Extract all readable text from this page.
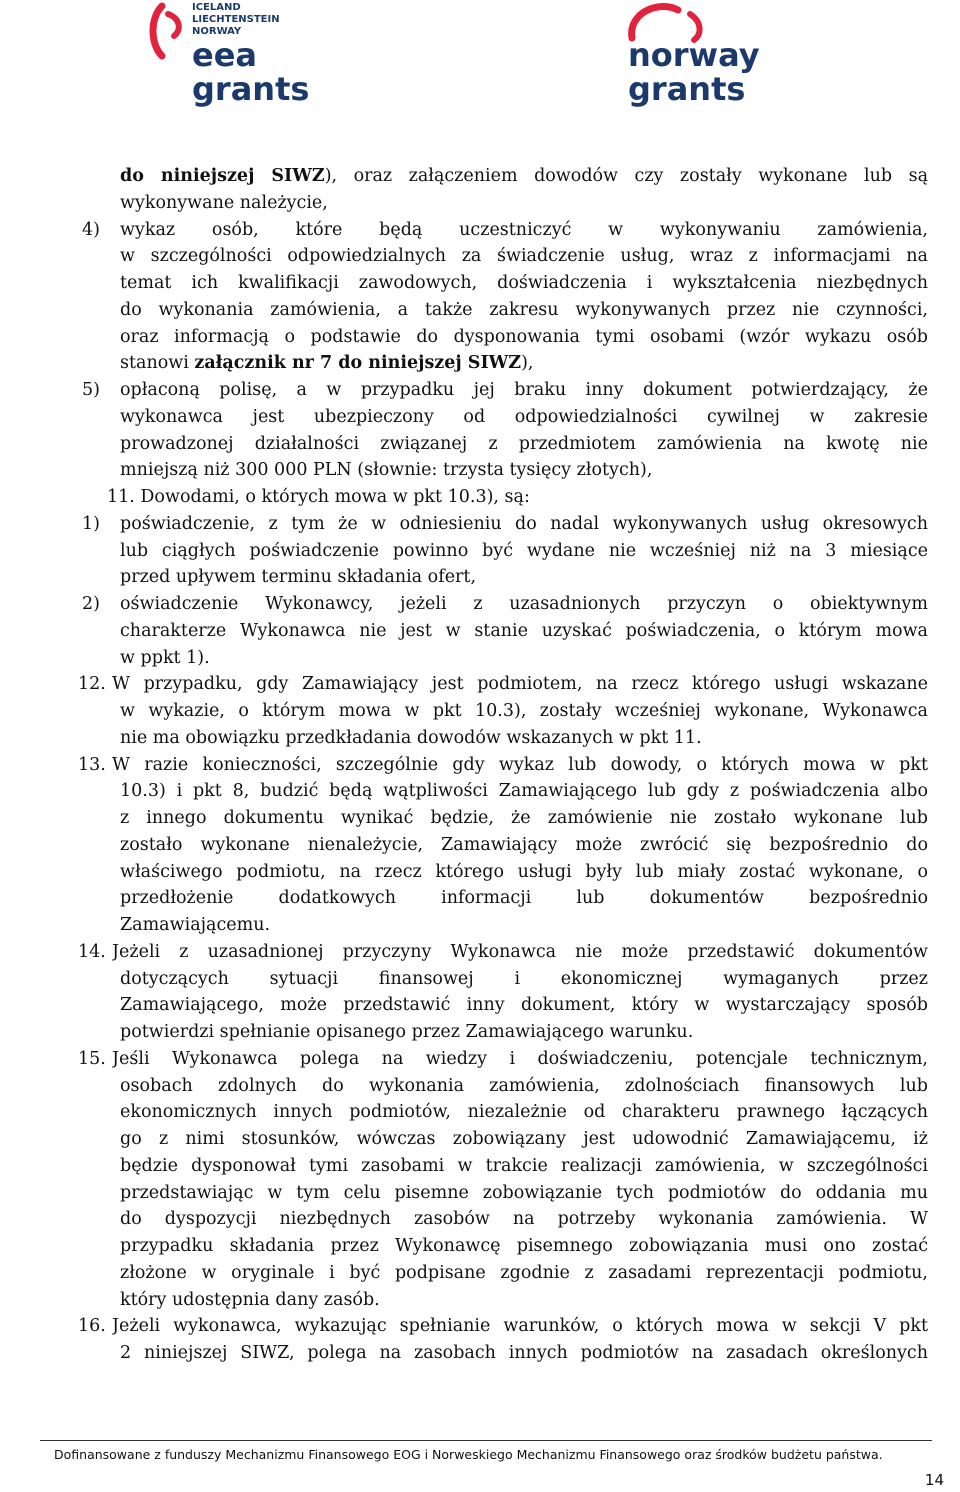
ICELAND
LIECHTENSTEIN
NORWAY
eea
grants
norway
grants
do niniejszej SIWZ), oraz załączeniem dowodów czy zostały wykonane lub są
wykonywane należycie,
4) wykaz osób, które będą uczestniczyć w wykonywaniu zamówienia,
w szczególności odpowiedzialnych za świadczenie usług, wraz z informacjami na
temat ich kwalifikacji zawodowych, doświadczenia i wykształcenia niezbędnych
do wykonania zamówienia, a także zakresu wykonywanych przez nie czynności,
oraz informacją o podstawie do dysponowania tymi osobami (wzór wykazu osób
stanowi załącznik nr 7 do niniejszej SIWZ),
5) opłaconą polisę, a w przypadku jej braku inny dokument potwierdzający, że
wykonawca jest ubezpieczony od odpowiedzialności cywilnej w zakresie
prowadzonej działalności związanej z przedmiotem zamówienia na kwotę nie
mniejszą niż 300 000 PLN (słownie: trzysta tysięcy złotych),
11. Dowodami, o których mowa w pkt 10.3), są:
1) poświadczenie, z tym że w odniesieniu do nadal wykonywanych usług okresowych
lub ciągłych poświadczenie powinno być wydane nie wcześniej niż na 3 miesiące
przed upływem terminu składania ofert,
2) oświadczenie Wykonawcy, jeżeli z uzasadnionych przyczyn o obiektywnym
charakterze Wykonawca nie jest w stanie uzyskać poświadczenia, o którym mowa
w ppkt 1).
12. W przypadku, gdy Zamawiający jest podmiotem, na rzecz którego usługi wskazane
w wykazie, o którym mowa w pkt 10.3), zostały wcześniej wykonane, Wykonawca
nie ma obowiązku przedkładania dowodów wskazanych w pkt 11.
13. W razie konieczności, szczególnie gdy wykaz lub dowody, o których mowa w pkt
10.3) i pkt 8, budzić będą wątpliwości Zamawiającego lub gdy z poświadczenia albo
z innego dokumentu wynikać będzie, że zamówienie nie zostało wykonane lub
zostało wykonane nienależycie, Zamawiający może zwrócić się bezpośrednio do
właściwego podmiotu, na rzecz którego usługi były lub miały zostać wykonane, o
przedłożenie dodatkowych informacji lub dokumentów bezpośrednio
Zamawiającemu.
14. Jeżeli z uzasadnionej przyczyny Wykonawca nie może przedstawić dokumentów
dotyczących sytuacji finansowej i ekonomicznej wymaganych przez
Zamawiającego, może przedstawić inny dokument, który w wystarczający sposób
potwierdzi spełnianie opisanego przez Zamawiającego warunku.
15. Jeśli Wykonawca polega na wiedzy i doświadczeniu, potencjale technicznym,
osobach zdolnych do wykonania zamówienia, zdolnościach finansowych lub
ekonomicznych innych podmiotów, niezależnie od charakteru prawnego łączących
go z nimi stosunków, wówczas zobowiązany jest udowodnić Zamawiającemu, iż
będzie dysponował tymi zasobami w trakcie realizacji zamówienia, w szczególności
przedstawiając w tym celu pisemne zobowiązanie tych podmiotów do oddania mu
do dyspozycji niezbędnych zasobów na potrzeby wykonania zamówienia. W
przypadku składania przez Wykonawcę pisemnego zobowiązania musi ono zostać
złożone w oryginale i być podpisane zgodnie z zasadami reprezentacji podmiotu,
który udostępnia dany zasób.
16. Jeżeli wykonawca, wykazując spełnianie warunków, o których mowa w sekcji V pkt
2 niniejszej SIWZ, polega na zasobach innych podmiotów na zasadach określonych
Dofinansowane z funduszy Mechanizmu Finansowego EOG i Norweskiego Mechanizmu Finansowego oraz środków budżetu państwa.
14
